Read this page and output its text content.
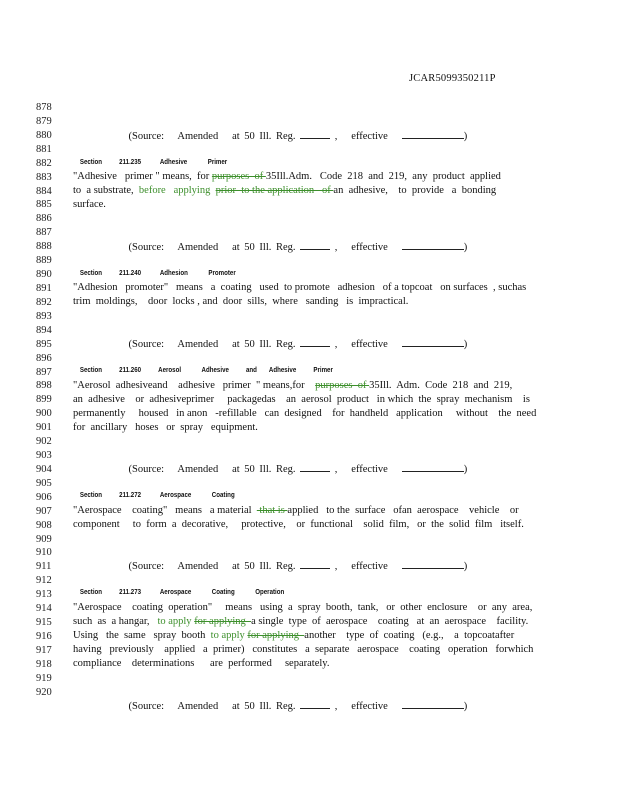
JCAR5099350211P
878
879
880
881
882
883
884
885
886
887
888
889
890
891
892
893
894
895
896
897
898
899
900
901
902
903
904
905
906
907
908
909
910
911
912
913
914
915
916
917
918
919
920

(Source: Amended at 50 Ill. Reg.	,   effective	)

Section 211.235	Adhesive	Primer

"Adhesive   primer " means,  for purposes  of 35Ill.Adm.   Code  218  and  219,  any  product  applied
to  a substrate,  before   applying  prior  to the application   of an  adhesive,    to  provide   a  bonding
surface.

(Source: Amended at 50 Ill. Reg.	,   effective	)

Section 211.240	Adhesion	Promoter

"Adhesion   promoter"   means   a  coating   used  to promote   adhesion   of a topcoat   on surfaces  , suchas
trim  moldings,    door  locks , and  door  sills,  where   sanding   is  impractical.

(Source: Amended at 50 Ill. Reg.	,   effective	)

Section 211.260 Aerosol	Adhesive and Adhesive Primer

"Aerosol  adhesiveand    adhesive   primer  " means,for    purposes  of 35Ill.  Adm.  Code  218  and  219,
an  adhesive    or  adhesiveprimer     packagedas    an  aerosol  product   in which  the  spray  mechanism    is
permanently     housed   in anon   -refillable   can  designed    for  handheld   application     without    the  need
for  ancillary   hoses   or  spray   equipment.

(Source: Amended at 50 Ill. Reg.	,   effective	)

Section 211.272	Aerospace	Coating

"Aerospace    coating"   means   a material   that is applied   to the  surface   ofan  aerospace    vehicle    or
component     to  form  a  decorative,     protective,    or  functional    solid  film,   or  the  solid  film   itself.

(Source: Amended at 50 Ill. Reg.	,   effective	)

Section 211.273	Aerospace	Coating	Operation

"Aerospace    coating  operation"     means   using  a  spray  booth,  tank,   or  other  enclosure    or  any  area,
such  as  a hangar,   to apply for applying  a single  type  of  aerospace    coating   at  an  aerospace    facility.
Using   the  same   spray  booth  to apply for applying  another    type  of  coating   (e.g.,    a  topcoatafter
having   previously    applied   a  primer)   constitutes   a  separate   aerospace    coating   operation   forwhich
compliance    determinations      are  performed     separately.

(Source: Amended at 50 Ill. Reg.	,   effective	)
